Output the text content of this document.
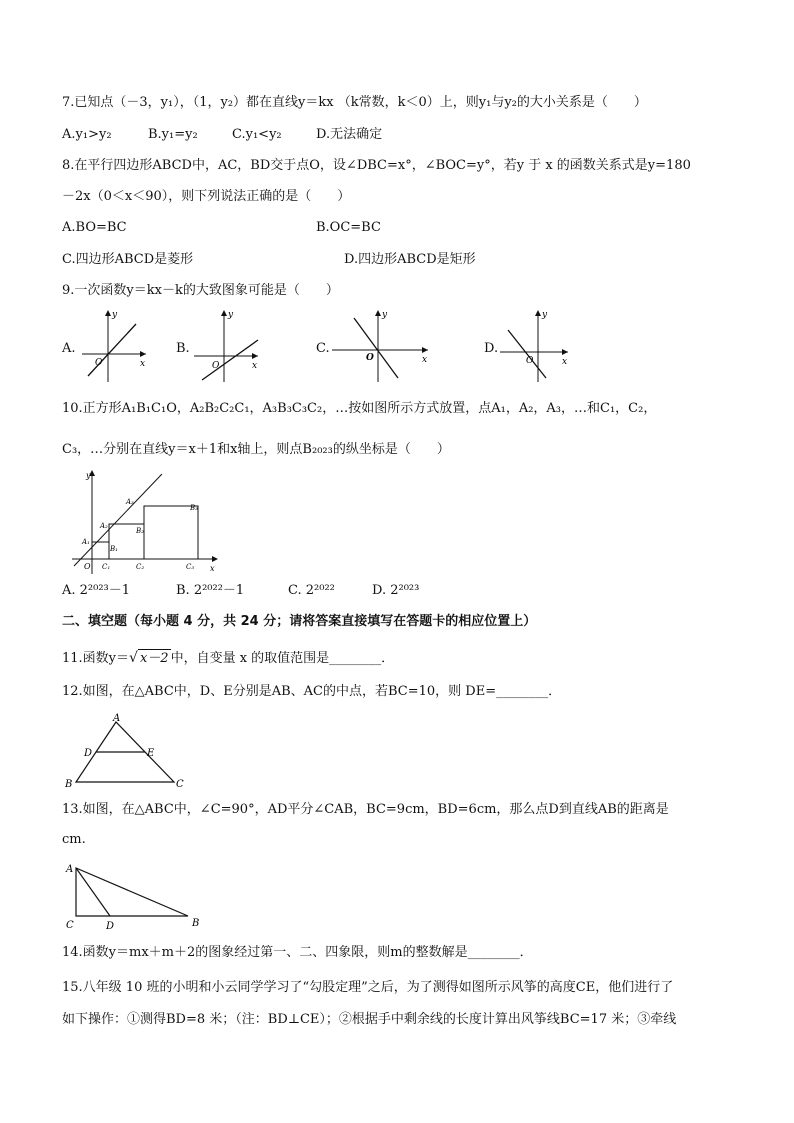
7.已知点（－3，y₁），（1，y₂）都在直线y＝kx （k常数，k＜0）上，则y₁与y₂的大小关系是（　　）
A.y₁>y₂	B.y₁=y₂	C.y₁<y₂	D.无法确定
8.在平行四边形ABCD中，AC，BD交于点O，设∠DBC=x°，∠BOC=y°，若y 于 x 的函数关系式是y=180
－2x（0＜x＜90），则下列说法正确的是（　　）
A.BO=BC	B.OC=BC
C.四边形ABCD是菱形	D.四边形ABCD是矩形
9.一次函数y＝kx－k的大致图象可能是（　　）
A.
y
x
O
B.
y
x
O
C.
y
x
O
D.
y
x
O
10.正方形A₁B₁C₁O，A₂B₂C₂C₁，A₃B₃C₃C₂，…按如图所示方式放置，点A₁，A₂，A₃，…和C₁，C₂，
C₃，…分别在直线y＝x＋1和x轴上，则点B₂₀₂₃的纵坐标是（　　）
y
x
O
A₁
A₂
A₃
B₁
B₂
B₃
C₁	C₂	C₃
A. 2²⁰²³－1	B. 2²⁰²²－1	C. 2²⁰²²	D. 2²⁰²³
二、填空题（每小题 4 分，共 24 分；请将答案直接填写在答题卡的相应位置上）
11.函数y＝√ x－2 中，自变量 x 的取值范围是________．
12.如图，在△ABC中，D、E分别是AB、AC的中点，若BC=10，则 DE=________．
A
B	C
D	E
13.如图，在△ABC中，∠C=90°，AD平分∠CAB，BC=9cm，BD=6cm，那么点D到直线AB的距离是
cm.
A
C	D	B
14.函数y＝mx＋m＋2的图象经过第一、二、四象限，则m的整数解是________．
15.八年级 10 班的小明和小云同学学习了“勾股定理”之后，为了测得如图所示风筝的高度CE，他们进行了
如下操作：①测得BD=8 米；（注：BD⊥CE）；②根据手中剩余线的长度计算出风筝线BC=17 米；③牵线
